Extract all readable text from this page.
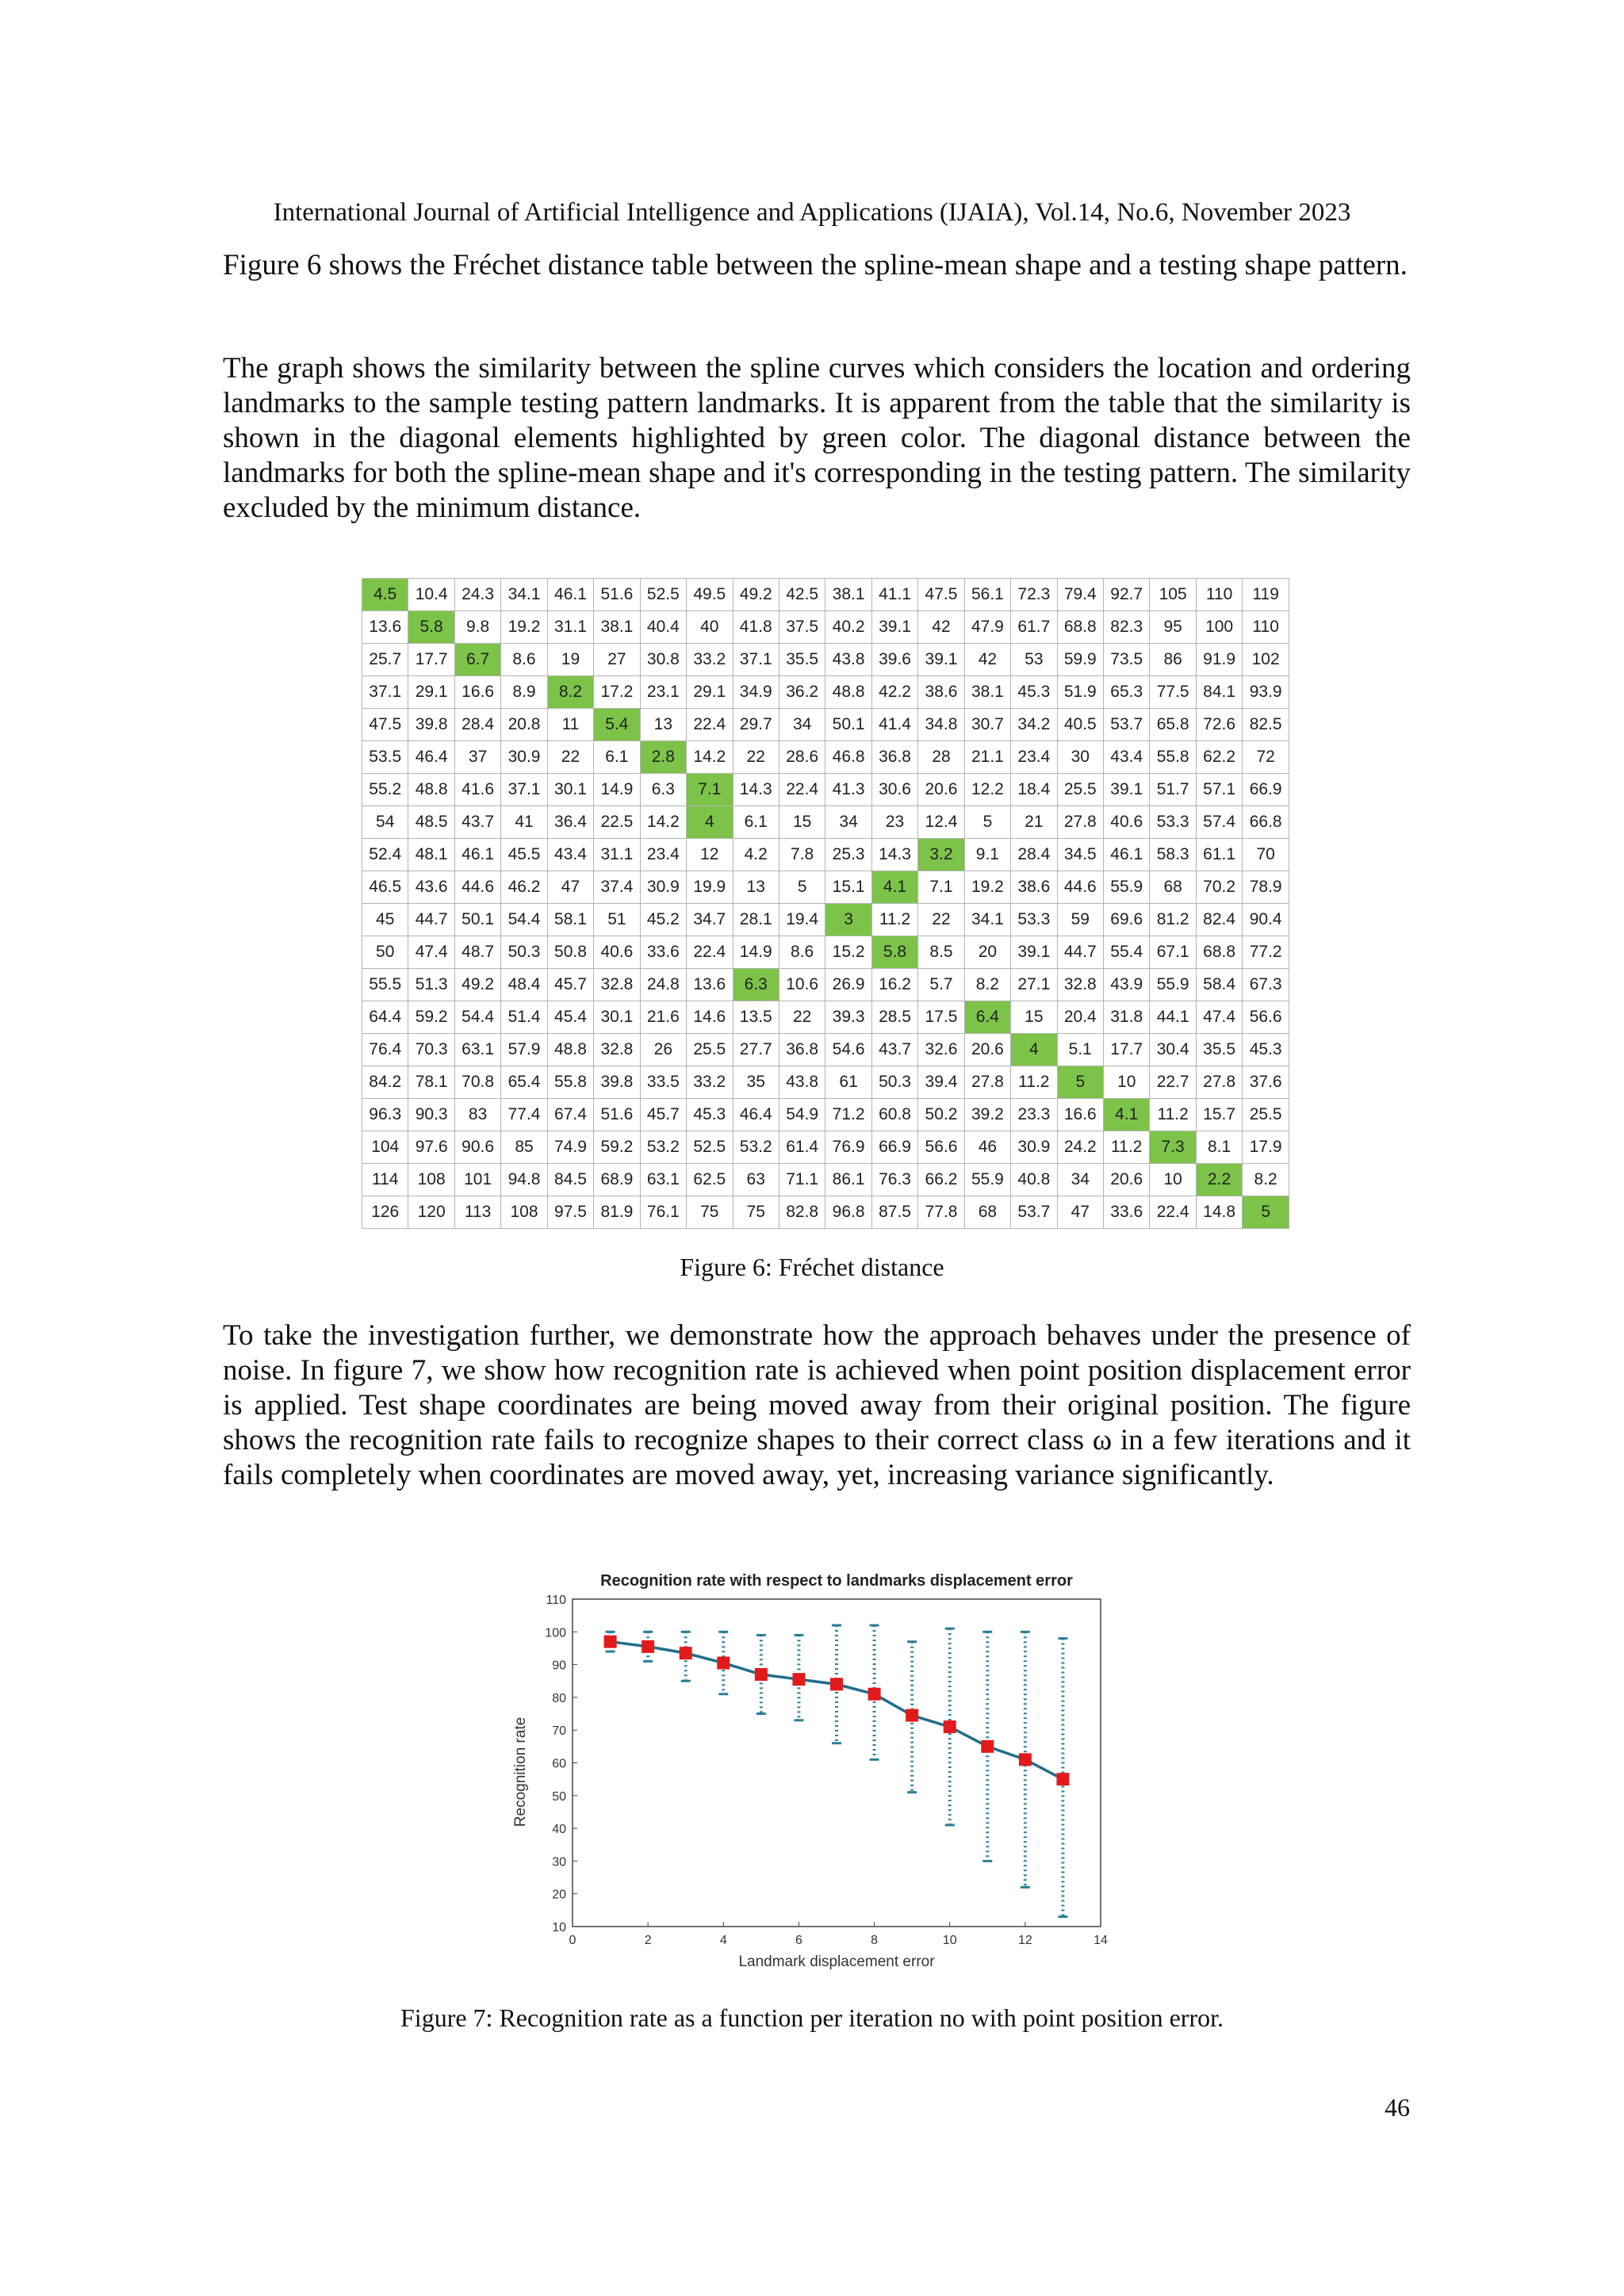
International Journal of Artificial Intelligence and Applications (IJAIA), Vol.14, No.6, November 2023

Figure 6 shows the Fréchet distance table between the spline-mean shape and a testing shape pattern.

The graph shows the similarity between the spline curves which considers the location and ordering landmarks to the sample testing pattern landmarks. It is apparent from the table that the similarity is shown in the diagonal elements highlighted by green color. The diagonal distance between the landmarks for both the spline-mean shape and it's corresponding in the testing pattern. The similarity excluded by the minimum distance.

4.5	10.4	24.3	34.1	46.1	51.6	52.5	49.5	49.2	42.5	38.1	41.1	47.5	56.1	72.3	79.4	92.7	105	110	119
13.6	5.8	9.8	19.2	31.1	38.1	40.4	40	41.8	37.5	40.2	39.1	42	47.9	61.7	68.8	82.3	95	100	110
25.7	17.7	6.7	8.6	19	27	30.8	33.2	37.1	35.5	43.8	39.6	39.1	42	53	59.9	73.5	86	91.9	102
37.1	29.1	16.6	8.9	8.2	17.2	23.1	29.1	34.9	36.2	48.8	42.2	38.6	38.1	45.3	51.9	65.3	77.5	84.1	93.9
47.5	39.8	28.4	20.8	11	5.4	13	22.4	29.7	34	50.1	41.4	34.8	30.7	34.2	40.5	53.7	65.8	72.6	82.5
53.5	46.4	37	30.9	22	6.1	2.8	14.2	22	28.6	46.8	36.8	28	21.1	23.4	30	43.4	55.8	62.2	72
55.2	48.8	41.6	37.1	30.1	14.9	6.3	7.1	14.3	22.4	41.3	30.6	20.6	12.2	18.4	25.5	39.1	51.7	57.1	66.9
54	48.5	43.7	41	36.4	22.5	14.2	4	6.1	15	34	23	12.4	5	21	27.8	40.6	53.3	57.4	66.8
52.4	48.1	46.1	45.5	43.4	31.1	23.4	12	4.2	7.8	25.3	14.3	3.2	9.1	28.4	34.5	46.1	58.3	61.1	70
46.5	43.6	44.6	46.2	47	37.4	30.9	19.9	13	5	15.1	4.1	7.1	19.2	38.6	44.6	55.9	68	70.2	78.9
45	44.7	50.1	54.4	58.1	51	45.2	34.7	28.1	19.4	3	11.2	22	34.1	53.3	59	69.6	81.2	82.4	90.4
50	47.4	48.7	50.3	50.8	40.6	33.6	22.4	14.9	8.6	15.2	5.8	8.5	20	39.1	44.7	55.4	67.1	68.8	77.2
55.5	51.3	49.2	48.4	45.7	32.8	24.8	13.6	6.3	10.6	26.9	16.2	5.7	8.2	27.1	32.8	43.9	55.9	58.4	67.3
64.4	59.2	54.4	51.4	45.4	30.1	21.6	14.6	13.5	22	39.3	28.5	17.5	6.4	15	20.4	31.8	44.1	47.4	56.6
76.4	70.3	63.1	57.9	48.8	32.8	26	25.5	27.7	36.8	54.6	43.7	32.6	20.6	4	5.1	17.7	30.4	35.5	45.3
84.2	78.1	70.8	65.4	55.8	39.8	33.5	33.2	35	43.8	61	50.3	39.4	27.8	11.2	5	10	22.7	27.8	37.6
96.3	90.3	83	77.4	67.4	51.6	45.7	45.3	46.4	54.9	71.2	60.8	50.2	39.2	23.3	16.6	4.1	11.2	15.7	25.5
104	97.6	90.6	85	74.9	59.2	53.2	52.5	53.2	61.4	76.9	66.9	56.6	46	30.9	24.2	11.2	7.3	8.1	17.9
114	108	101	94.8	84.5	68.9	63.1	62.5	63	71.1	86.1	76.3	66.2	55.9	40.8	34	20.6	10	2.2	8.2
126	120	113	108	97.5	81.9	76.1	75	75	82.8	96.8	87.5	77.8	68	53.7	47	33.6	22.4	14.8	5
Figure 6: Fréchet distance

To take the investigation further, we demonstrate how the approach behaves under the presence of noise. In figure 7, we show how recognition rate is achieved when point position displacement error is applied. Test shape coordinates are being moved away from their original position. The figure shows the recognition rate fails to recognize shapes to their correct class ω in a few iterations and it fails completely when coordinates are moved away, yet, increasing variance significantly.

Recognition rate with respect to landmarks displacement error
Landmark displacement error
Recognition rate
0	2	4	6	8	10	12	14
10
20
30
40
50
60
70
80
90
100
110
Figure 7: Recognition rate as a function per iteration no with point position error.
46
